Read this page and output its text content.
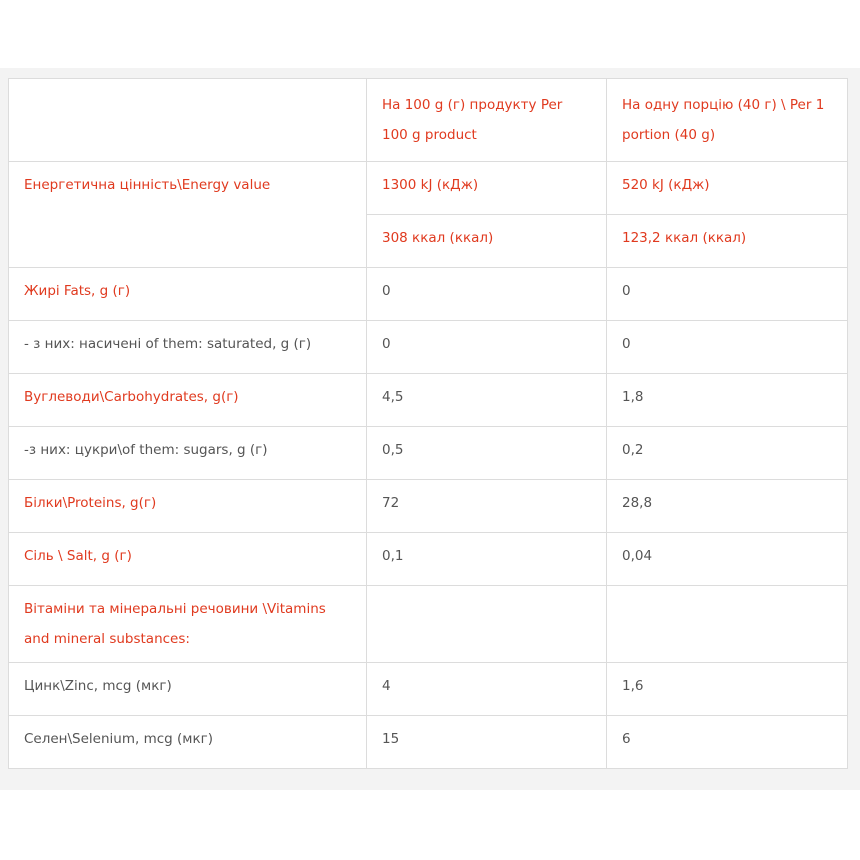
	На 100 g (г) продукту Per 100 g product	На одну порцію (40 г) \ Per 1 portion (40 g)
Енергетична цінність\Energy value	1300 kJ (кДж)	520 kJ (кДж)
	308 ккал (ккал)	123,2 ккал (ккал)
Жирі Fats, g (г)	0	0
- з них: насичені of them: saturated, g (г)	0	0
Вуглеводи\Carbohydrates, g(г)	4,5	1,8
-з них: цукри\of them: sugars, g (г)	0,5	0,2
Білки\Proteins, g(г)	72	28,8
Сіль \ Salt, g (г)	0,1	0,04
Вітаміни та мінеральні речовини \Vitamins and mineral substances:		
Цинк\Zinc, mcg (мкг)	4	1,6
Селен\Selenium, mcg (мкг)	15	6
